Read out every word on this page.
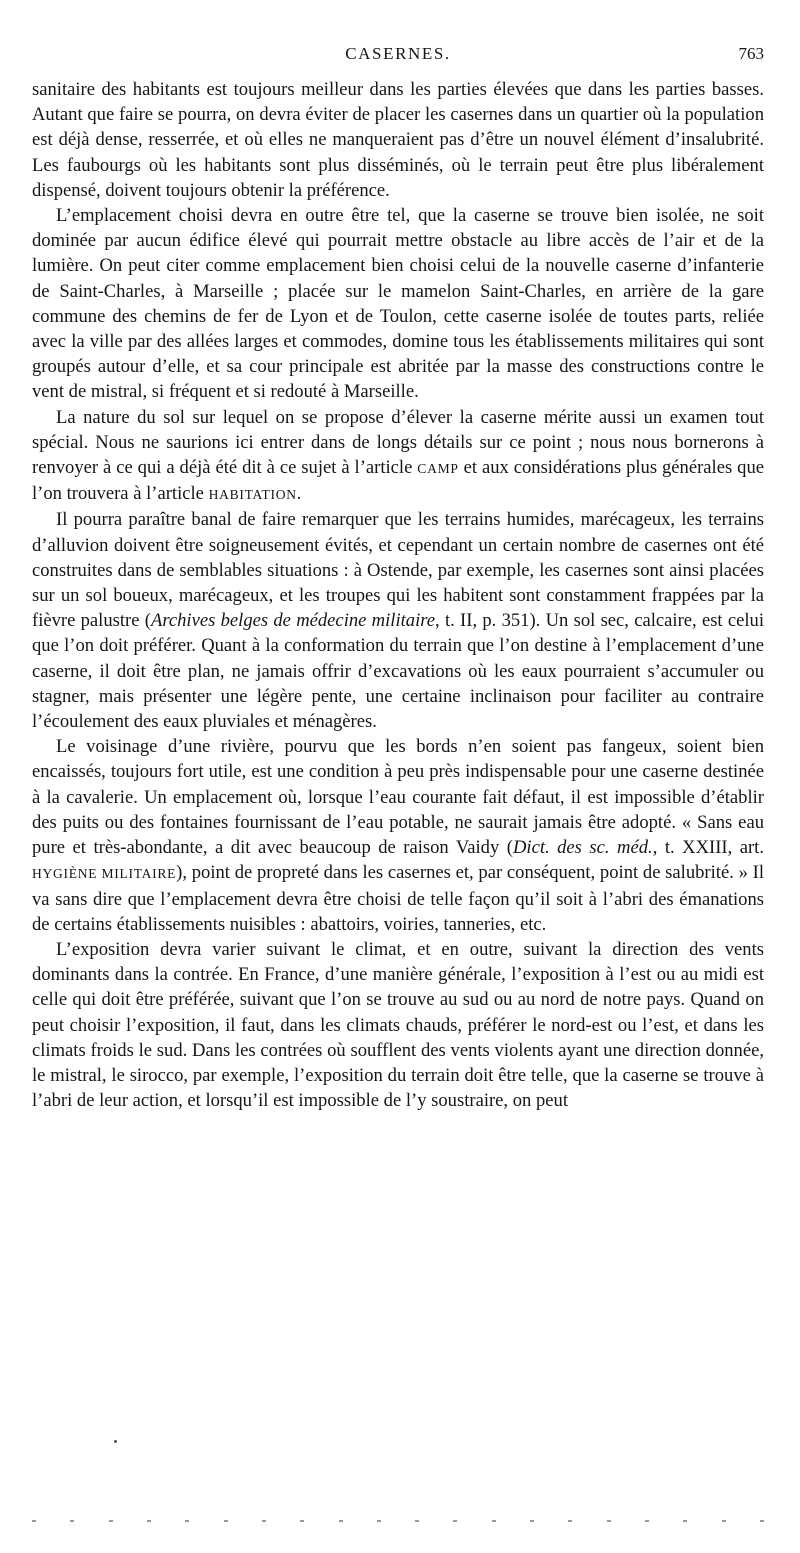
CASERNES.	763

sanitaire des habitants est toujours meilleur dans les parties élevées que dans les parties basses. Autant que faire se pourra, on devra éviter de placer les casernes dans un quartier où la population est déjà dense, resserrée, et où elles ne manqueraient pas d’être un nouvel élément d’insalubrité. Les faubourgs où les habitants sont plus disséminés, où le terrain peut être plus libéralement dispensé, doivent toujours obtenir la préférence.

L’emplacement choisi devra en outre être tel, que la caserne se trouve bien isolée, ne soit dominée par aucun édifice élevé qui pourrait mettre obstacle au libre accès de l’air et de la lumière. On peut citer comme emplacement bien choisi celui de la nouvelle caserne d’infanterie de Saint-Charles, à Marseille ; placée sur le mamelon Saint-Charles, en arrière de la gare commune des chemins de fer de Lyon et de Toulon, cette caserne isolée de toutes parts, reliée avec la ville par des allées larges et commodes, domine tous les établissements militaires qui sont groupés autour d’elle, et sa cour principale est abritée par la masse des constructions contre le vent de mistral, si fréquent et si redouté à Marseille.

La nature du sol sur lequel on se propose d’élever la caserne mérite aussi un examen tout spécial. Nous ne saurions ici entrer dans de longs détails sur ce point ; nous nous bornerons à renvoyer à ce qui a déjà été dit à ce sujet à l’article CAMP et aux considérations plus générales que l’on trouvera à l’article HABITATION.

Il pourra paraître banal de faire remarquer que les terrains humides, marécageux, les terrains d’alluvion doivent être soigneusement évités, et cependant un certain nombre de casernes ont été construites dans de semblables situations : à Ostende, par exemple, les casernes sont ainsi placées sur un sol boueux, marécageux, et les troupes qui les habitent sont constamment frappées par la fièvre palustre (Archives belges de médecine militaire, t. II, p. 351). Un sol sec, calcaire, est celui que l’on doit préférer. Quant à la conformation du terrain que l’on destine à l’emplacement d’une caserne, il doit être plan, ne jamais offrir d’excavations où les eaux pourraient s’accumuler ou stagner, mais présenter une légère pente, une certaine inclinaison pour faciliter au contraire l’écoulement des eaux pluviales et ménagères.

Le voisinage d’une rivière, pourvu que les bords n’en soient pas fangeux, soient bien encaissés, toujours fort utile, est une condition à peu près indispensable pour une caserne destinée à la cavalerie. Un emplacement où, lorsque l’eau courante fait défaut, il est impossible d’établir des puits ou des fontaines fournissant de l’eau potable, ne saurait jamais être adopté. « Sans eau pure et très-abondante, a dit avec beaucoup de raison Vaidy (Dict. des sc. méd., t. XXIII, art. HYGIÈNE MILITAIRE), point de propreté dans les casernes et, par conséquent, point de salubrité. » Il va sans dire que l’emplacement devra être choisi de telle façon qu’il soit à l’abri des émanations de certains établissements nuisibles : abattoirs, voiries, tanneries, etc.

L’exposition devra varier suivant le climat, et en outre, suivant la direction des vents dominants dans la contrée. En France, d’une manière générale, l’exposition à l’est ou au midi est celle qui doit être préférée, suivant que l’on se trouve au sud ou au nord de notre pays. Quand on peut choisir l’exposition, il faut, dans les climats chauds, préférer le nord-est ou l’est, et dans les climats froids le sud. Dans les contrées où soufflent des vents violents ayant une direction donnée, le mistral, le sirocco, par exemple, l’exposition du terrain doit être telle, que la caserne se trouve à l’abri de leur action, et lorsqu’il est impossible de l’y soustraire, on peut
